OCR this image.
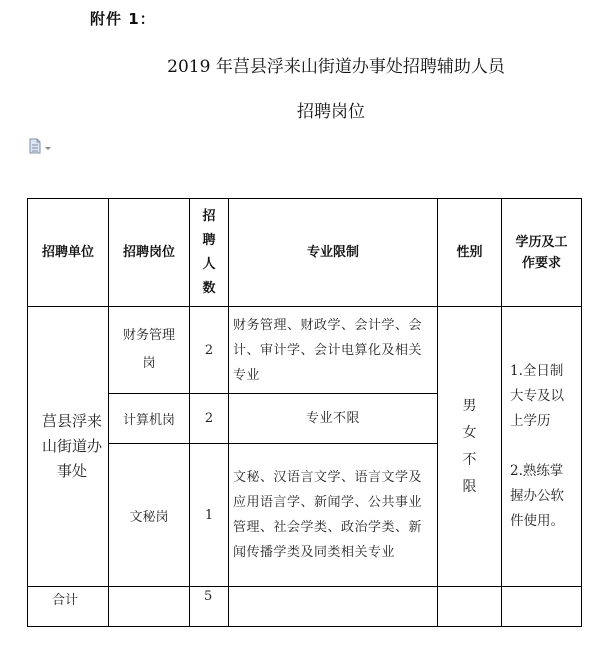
附件 1：
2019 年莒县浮来山街道办事处招聘辅助人员
招聘岗位
招聘单位	招聘岗位	招
聘
人
数	专业限制	性别	学历及工
作要求
莒县浮来
山街道办
事处	财务管理
岗	2	财务管理、财政学、会计学、会计、审计学、会计电算化及相关专业	男
女
不
限	1.全日制大专及以上学历

2.熟练掌握办公软件使用。
	计算机岗	2	专业不限		
	文秘岗	1	文秘、汉语言文学、语言文学及应用语言学、新闻学、公共事业管理、社会学类、政治学类、新闻传播学类及同类相关专业		
合计		5			
